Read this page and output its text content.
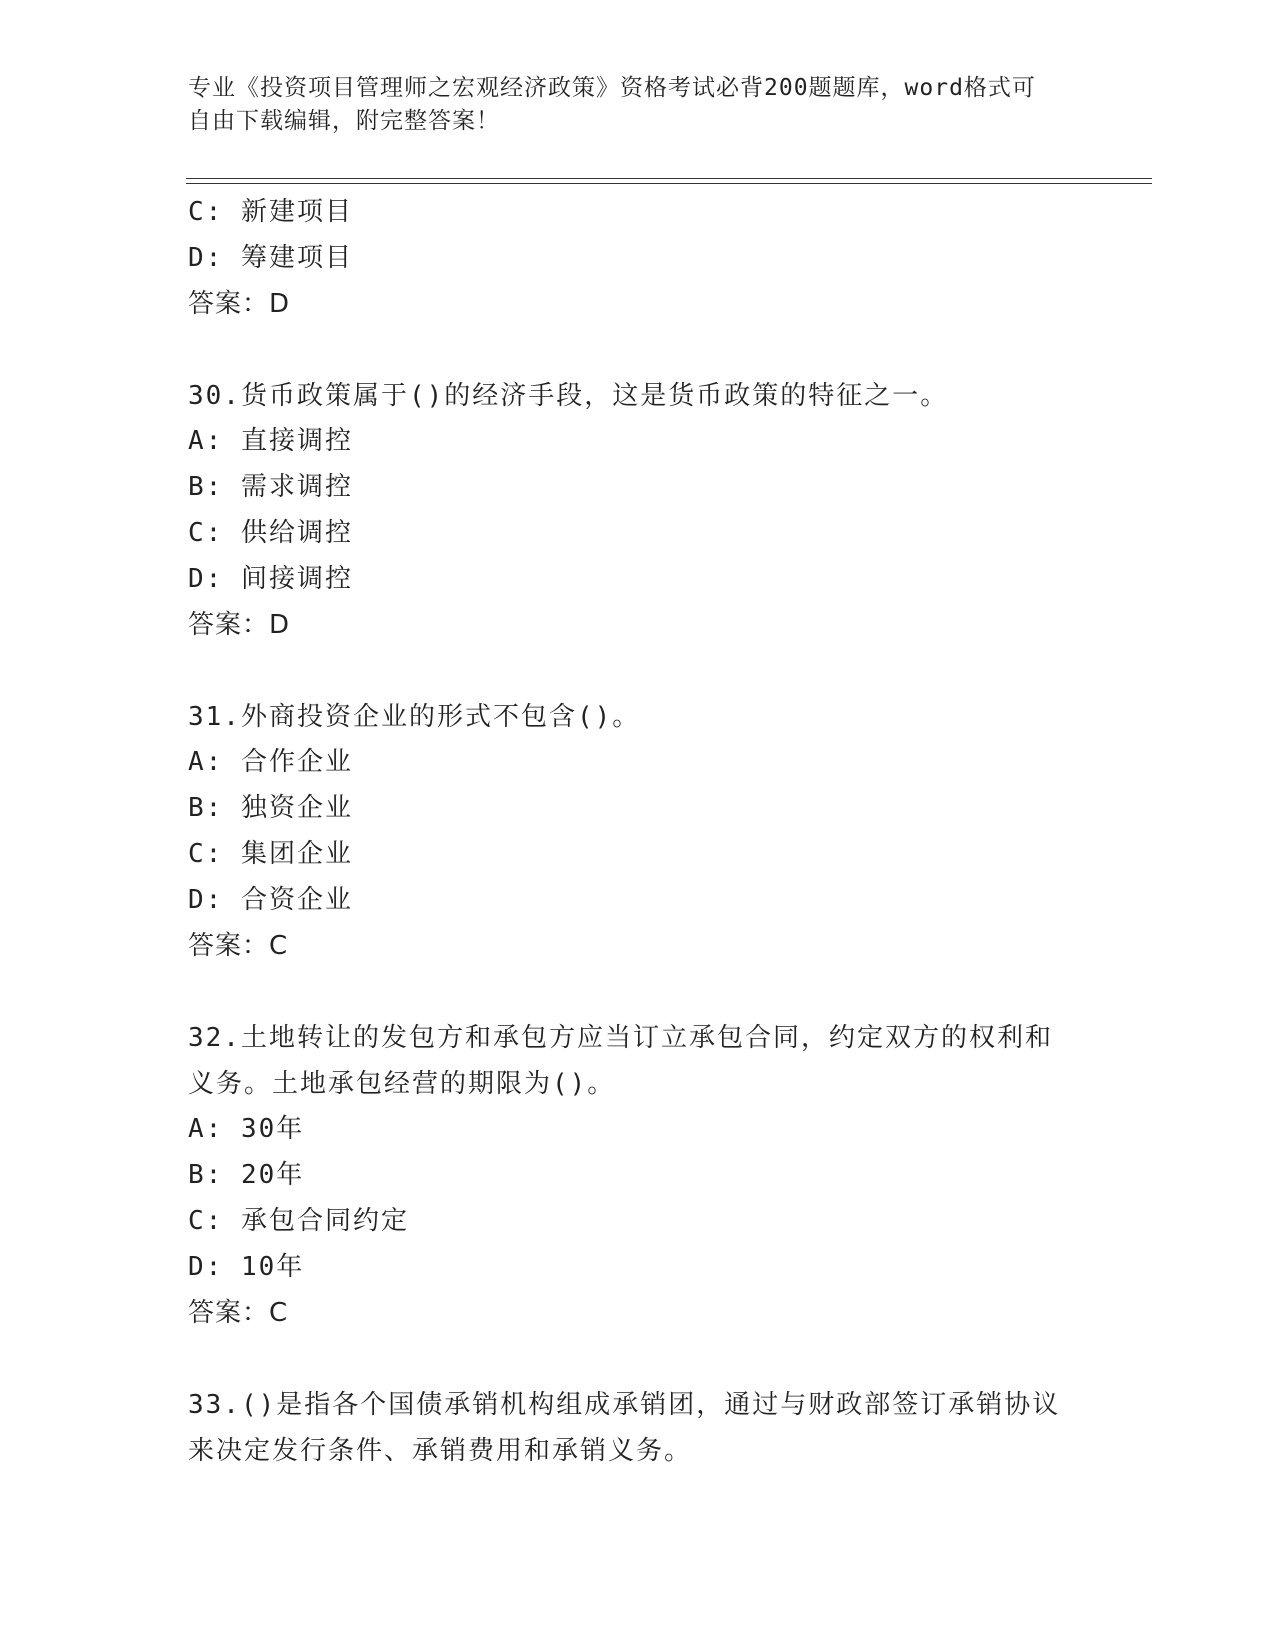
专业《投资项目管理师之宏观经济政策》资格考试必背200题题库，word格式可
自由下载编辑，附完整答案！
C: 新建项目
D: 筹建项目
答案：D
30.货币政策属于()的经济手段，这是货币政策的特征之一。
A: 直接调控
B: 需求调控
C: 供给调控
D: 间接调控
答案：D
31.外商投资企业的形式不包含()。
A: 合作企业
B: 独资企业
C: 集团企业
D: 合资企业
答案：C
32.土地转让的发包方和承包方应当订立承包合同，约定双方的权利和
义务。土地承包经营的期限为()。
A: 30年
B: 20年
C: 承包合同约定
D: 10年
答案：C
33.()是指各个国债承销机构组成承销团，通过与财政部签订承销协议
来决定发行条件、承销费用和承销义务。
